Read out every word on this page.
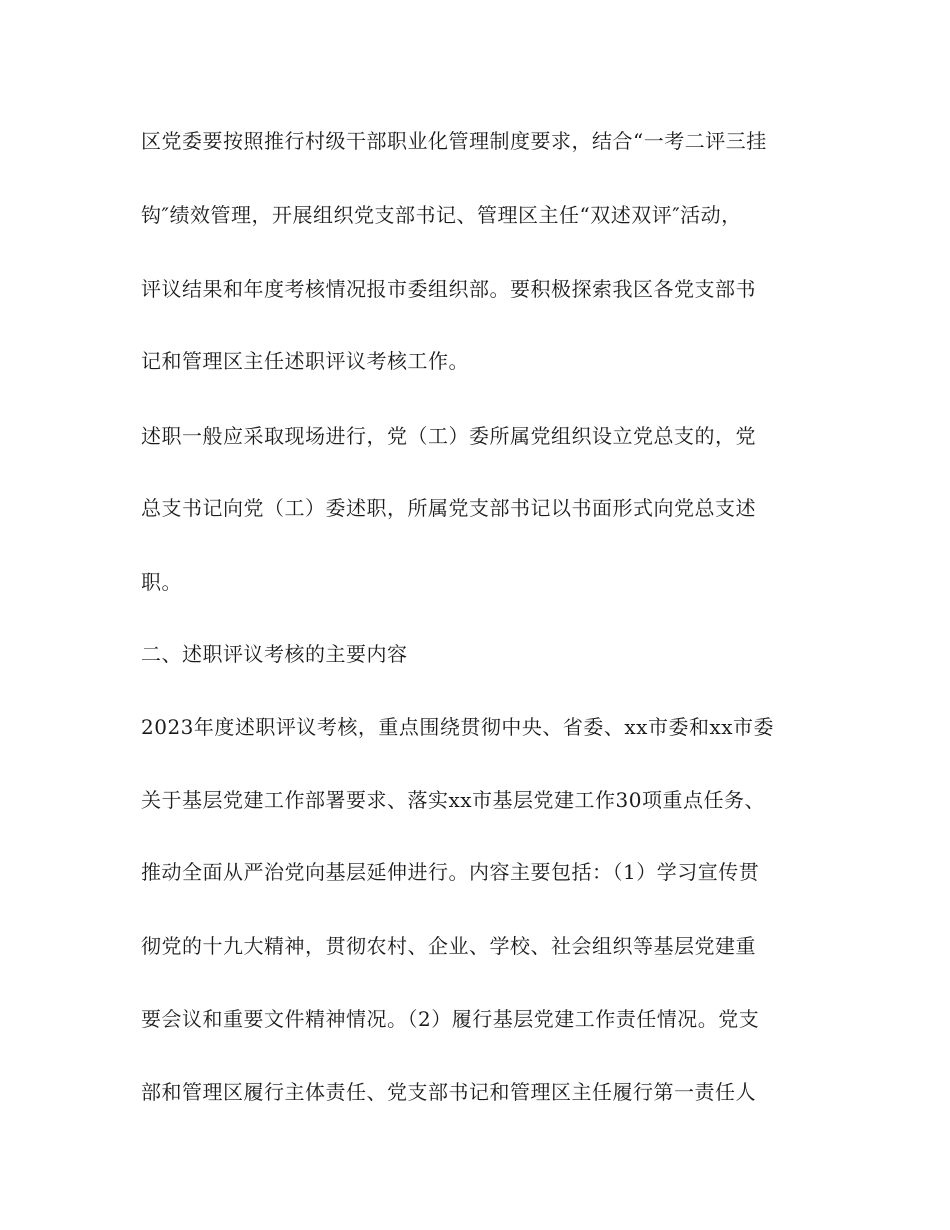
区党委要按照推行村级干部职业化管理制度要求，结合“一考二评三挂
钩″绩效管理，开展组织党支部书记、管理区主任“双述双评″活动，
评议结果和年度考核情况报市委组织部。要积极探索我区各党支部书
记和管理区主任述职评议考核工作。
述职一般应采取现场进行，党（工）委所属党组织设立党总支的，党
总支书记向党（工）委述职，所属党支部书记以书面形式向党总支述
职。
二、述职评议考核的主要内容
2023年度述职评议考核，重点围绕贯彻中央、省委、xx市委和xx市委
关于基层党建工作部署要求、落实xx市基层党建工作30项重点任务、
推动全面从严治党向基层延伸进行。内容主要包括：（1）学习宣传贯
彻党的十九大精神，贯彻农村、企业、学校、社会组织等基层党建重
要会议和重要文件精神情况。（2）履行基层党建工作责任情况。党支
部和管理区履行主体责任、党支部书记和管理区主任履行第一责任人
